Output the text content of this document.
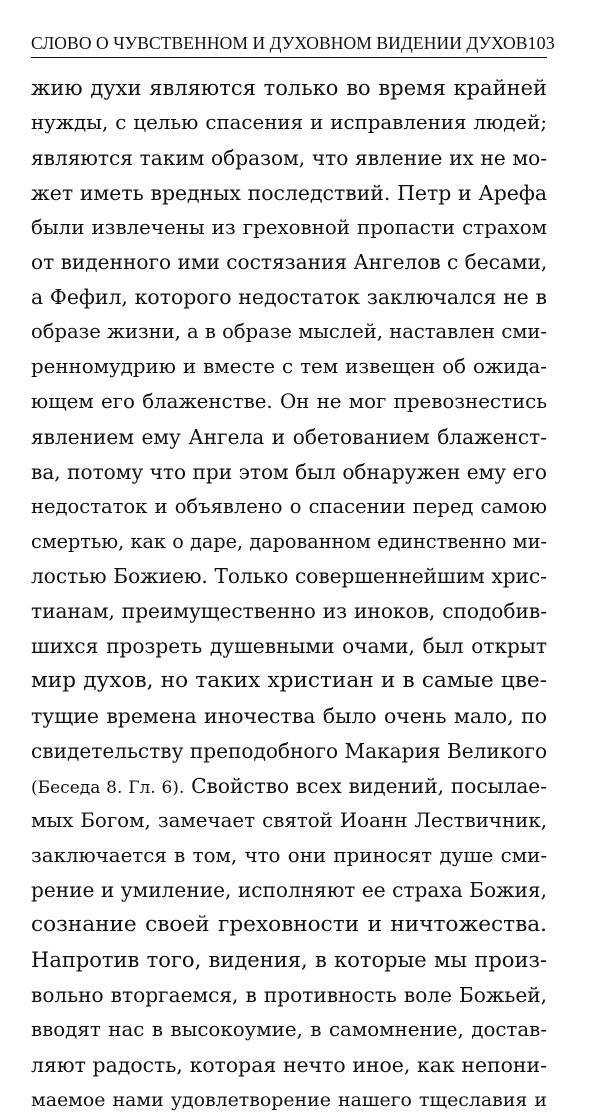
СЛОВО О ЧУВСТВЕННОМ И ДУХОВНОМ ВИДЕНИИ ДУХОВ 103
жию духи являются только во время крайней
нужды, с целью спасения и исправления людей;
являются таким образом, что явление их не мо-
жет иметь вредных последствий. Петр и Арефа
были извлечены из греховной пропасти страхом
от виденного ими состязания Ангелов с бесами,
а Фефил, которого недостаток заключался не в
образе жизни, а в образе мыслей, наставлен сми-
ренномудрию и вместе с тем извещен об ожида-
ющем его блаженстве. Он не мог превознестись
явлением ему Ангела и обетованием блаженст-
ва, потому что при этом был обнаружен ему его
недостаток и объявлено о спасении перед самою
смертью, как о даре, дарованном единственно ми-
лостью Божиею. Только совершеннейшим хрис-
тианам, преимущественно из иноков, сподобив-
шихся прозреть душевными очами, был открыт
мир духов, но таких христиан и в самые цве-
тущие времена иночества было очень мало, по
свидетельству преподобного Макария Великого
(Беседа 8. Гл. 6). Свойство всех видений, посылае-
мых Богом, замечает святой Иоанн Лествичник,
заключается в том, что они приносят душе сми-
рение и умиление, исполняют ее страха Божия,
сознание своей греховности и ничтожества.
Напротив того, видения, в которые мы произ-
вольно вторгаемся, в противность воле Божьей,
вводят нас в высокоумие, в самомнение, достав-
ляют радость, которая нечто иное, как непони-
маемое нами удовлетворение нашего тщеславия и
